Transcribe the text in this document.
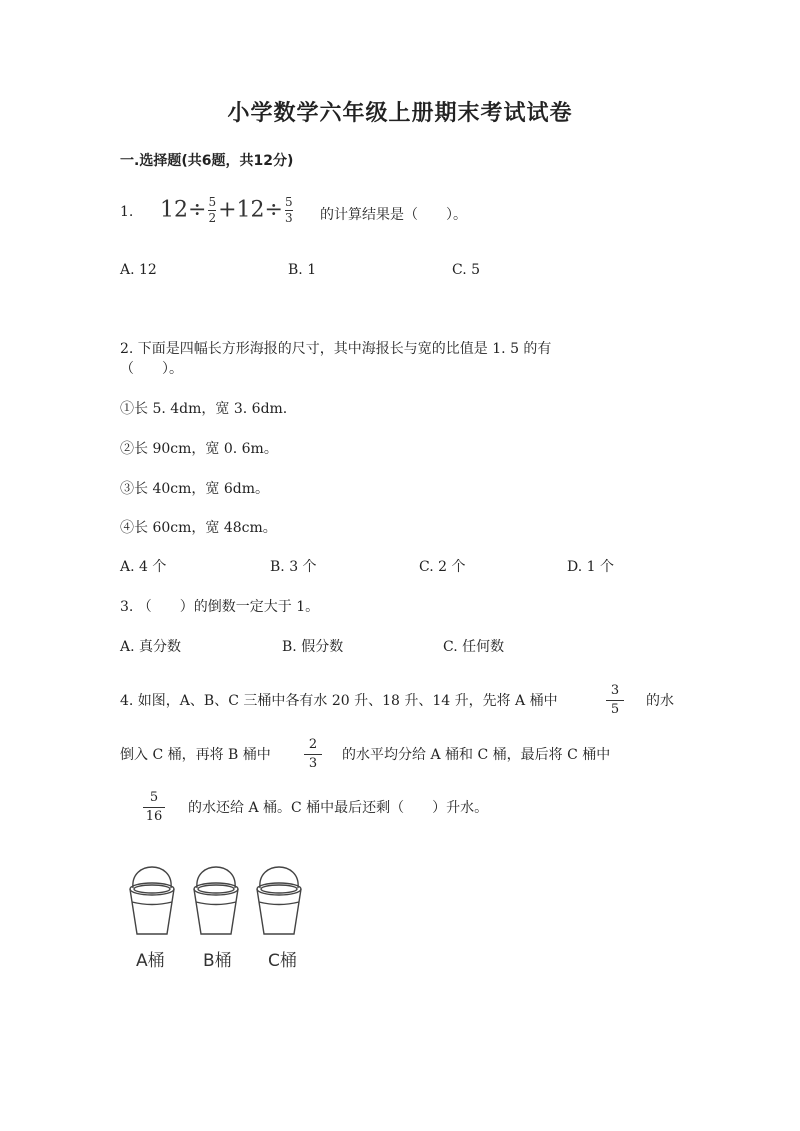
小学数学六年级上册期末考试试卷
一.选择题(共6题，共12分)
1. $12\div \frac{5}{2} +12\div \frac{5}{3}$ 的计算结果是（　　）。
A. 12	B. 1	C. 5
2. 下面是四幅长方形海报的尺寸，其中海报长与宽的比值是 1. 5 的有
（　　）。
①长 5. 4dm，宽 3. 6dm.
②长 90cm，宽 0. 6m。
③长 40cm，宽 6dm。
④长 60cm，宽 48cm。
A. 4 个	B. 3 个	C. 2 个	D. 1 个
3. （　　）的倒数一定大于 1。
A. 真分数	B. 假分数	C. 任何数
4. 如图，A、B、C 三桶中各有水 20 升、18 升、14 升，先将 A 桶中
3
5
的水
倒入 C 桶，再将 B 桶中
2
3
的水平均分给 A 桶和 C 桶，最后将 C 桶中
5
16
的水还给 A 桶。C 桶中最后还剩（　　）升水。
A桶 B桶 C桶
